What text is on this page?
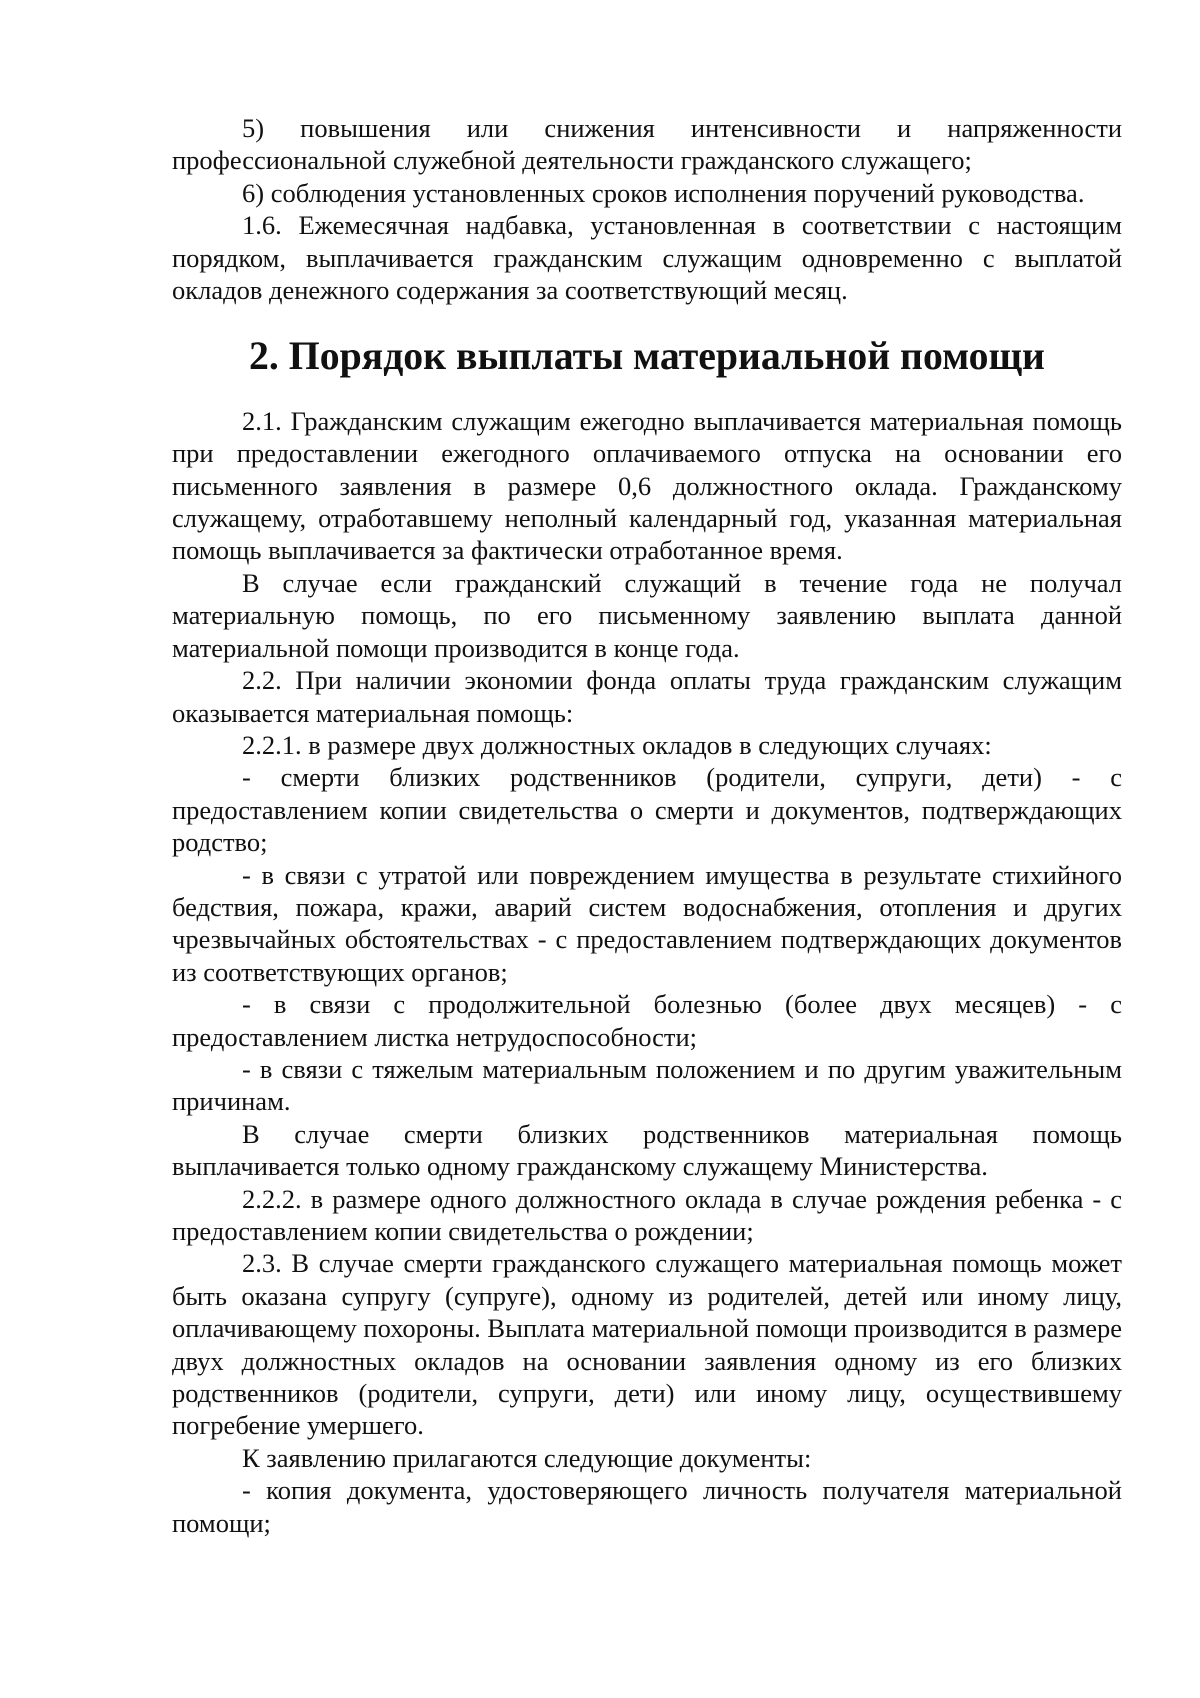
5) повышения или снижения интенсивности и напряженности профессиональной служебной деятельности гражданского служащего;

6) соблюдения установленных сроков исполнения поручений руководства.

1.6. Ежемесячная надбавка, установленная в соответствии с настоящим порядком, выплачивается гражданским служащим одновременно с выплатой окладов денежного содержания за соответствующий месяц.

2. Порядок выплаты материальной помощи

2.1. Гражданским служащим ежегодно выплачивается материальная помощь при предоставлении ежегодного оплачиваемого отпуска на основании его письменного заявления в размере 0,6 должностного оклада. Гражданскому служащему, отработавшему неполный календарный год, указанная материальная помощь выплачивается за фактически отработанное время.

В случае если гражданский служащий в течение года не получал материальную помощь, по его письменному заявлению выплата данной материальной помощи производится в конце года.

2.2. При наличии экономии фонда оплаты труда гражданским служащим оказывается материальная помощь:

2.2.1. в размере двух должностных окладов в следующих случаях:

- смерти близких родственников (родители, супруги, дети) - с предоставлением копии свидетельства о смерти и документов, подтверждающих родство;

- в связи с утратой или повреждением имущества в результате стихийного бедствия, пожара, кражи, аварий систем водоснабжения, отопления и других чрезвычайных обстоятельствах - с предоставлением подтверждающих документов из соответствующих органов;

- в связи с продолжительной болезнью (более двух месяцев) - с предоставлением листка нетрудоспособности;

- в связи с тяжелым материальным положением и по другим уважительным причинам.

В случае смерти близких родственников материальная помощь выплачивается только одному гражданскому служащему Министерства.

2.2.2. в размере одного должностного оклада в случае рождения ребенка - с предоставлением копии свидетельства о рождении;

2.3. В случае смерти гражданского служащего материальная помощь может быть оказана супругу (супруге), одному из родителей, детей или иному лицу, оплачивающему похороны. Выплата материальной помощи производится в размере двух должностных окладов на основании заявления одному из его близких родственников (родители, супруги, дети) или иному лицу, осуществившему погребение умершего.

К заявлению прилагаются следующие документы:

- копия документа, удостоверяющего личность получателя материальной помощи;
